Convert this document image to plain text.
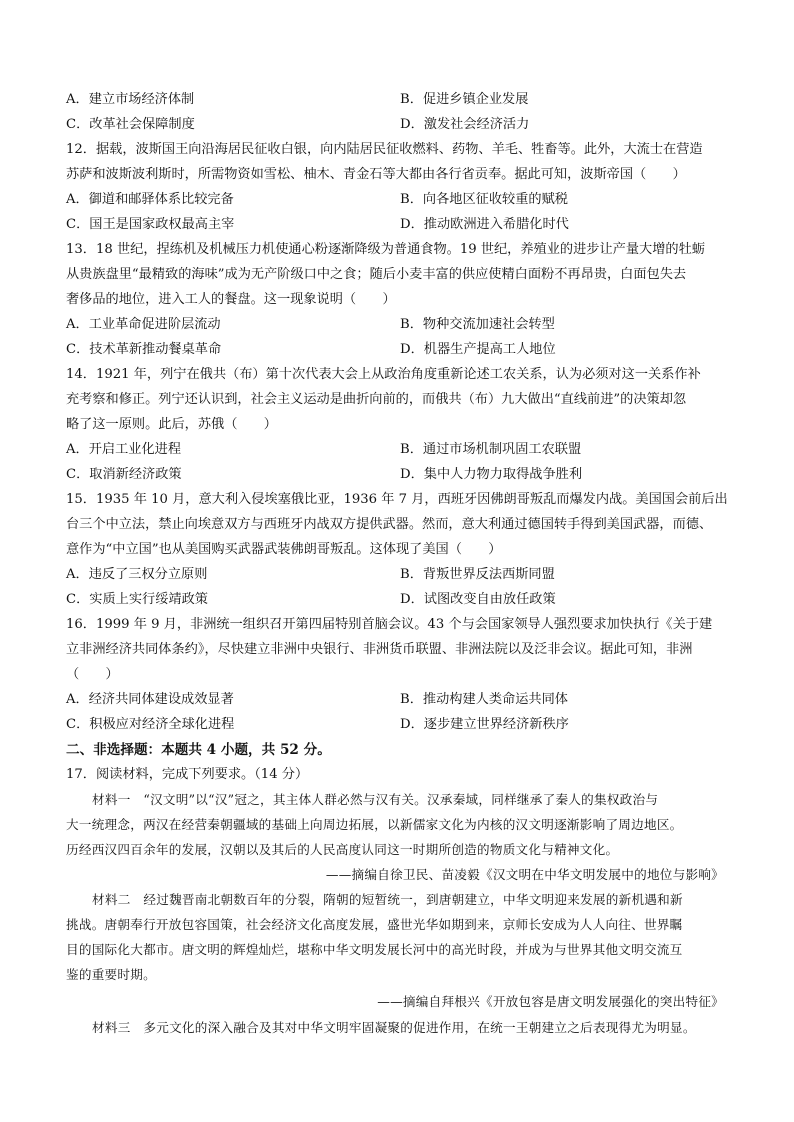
A．建立市场经济体制	B．促进乡镇企业发展
C．改革社会保障制度	D．激发社会经济活力
12．据载，波斯国王向沿海居民征收白银，向内陆居民征收燃料、药物、羊毛、牲畜等。此外，大流士在营造
苏萨和波斯波利斯时，所需物资如雪松、柚木、青金石等大都由各行省贡奉。据此可知，波斯帝国（　　）
A．御道和邮驿体系比较完备	B．向各地区征收较重的赋税
C．国王是国家政权最高主宰	D．推动欧洲进入希腊化时代
13．18 世纪，捏练机及机械压力机使通心粉逐渐降级为普通食物。19 世纪，养殖业的进步让产量大增的牡蛎
从贵族盘里“最精致的海味”成为无产阶级口中之食；随后小麦丰富的供应使精白面粉不再昂贵，白面包失去
奢侈品的地位，进入工人的餐盘。这一现象说明（　　）
A．工业革命促进阶层流动	B．物种交流加速社会转型
C．技术革新推动餐桌革命	D．机器生产提高工人地位
14．1921 年，列宁在俄共（布）第十次代表大会上从政治角度重新论述工农关系，认为必须对这一关系作补
充考察和修正。列宁还认识到，社会主义运动是曲折向前的，而俄共（布）九大做出“直线前进”的决策却忽
略了这一原则。此后，苏俄（　　）
A．开启工业化进程	B．通过市场机制巩固工农联盟
C．取消新经济政策	D．集中人力物力取得战争胜利
15．1935 年 10 月，意大利入侵埃塞俄比亚，1936 年 7 月，西班牙因佛朗哥叛乱而爆发内战。美国国会前后出
台三个中立法，禁止向埃意双方与西班牙内战双方提供武器。然而，意大利通过德国转手得到美国武器，而德、
意作为“中立国”也从美国购买武器武装佛朗哥叛乱。这体现了美国（　　）
A．违反了三权分立原则	B．背叛世界反法西斯同盟
C．实质上实行绥靖政策	D．试图改变自由放任政策
16．1999 年 9 月，非洲统一组织召开第四届特别首脑会议。43 个与会国家领导人强烈要求加快执行《关于建
立非洲经济共同体条约》，尽快建立非洲中央银行、非洲货币联盟、非洲法院以及泛非会议。据此可知，非洲
（　　）
A．经济共同体建设成效显著	B．推动构建人类命运共同体
C．积极应对经济全球化进程	D．逐步建立世界经济新秩序
二、非选择题：本题共 4 小题，共 52 分。
17．阅读材料，完成下列要求。（14 分）
材料一　“汉文明”以“汉”冠之，其主体人群必然与汉有关。汉承秦域，同样继承了秦人的集权政治与
大一统理念，两汉在经营秦朝疆域的基础上向周边拓展，以新儒家文化为内核的汉文明逐渐影响了周边地区。
历经西汉四百余年的发展，汉朝以及其后的人民高度认同这一时期所创造的物质文化与精神文化。
——摘编自徐卫民、苗凌毅《汉文明在中华文明发展中的地位与影响》
材料二　经过魏晋南北朝数百年的分裂，隋朝的短暂统一，到唐朝建立，中华文明迎来发展的新机遇和新
挑战。唐朝奉行开放包容国策，社会经济文化高度发展，盛世光华如期到来，京师长安成为人人向往、世界瞩
目的国际化大都市。唐文明的辉煌灿烂，堪称中华文明发展长河中的高光时段，并成为与世界其他文明交流互
鉴的重要时期。
——摘编自拜根兴《开放包容是唐文明发展强化的突出特征》
材料三　多元文化的深入融合及其对中华文明牢固凝聚的促进作用，在统一王朝建立之后表现得尤为明显。
